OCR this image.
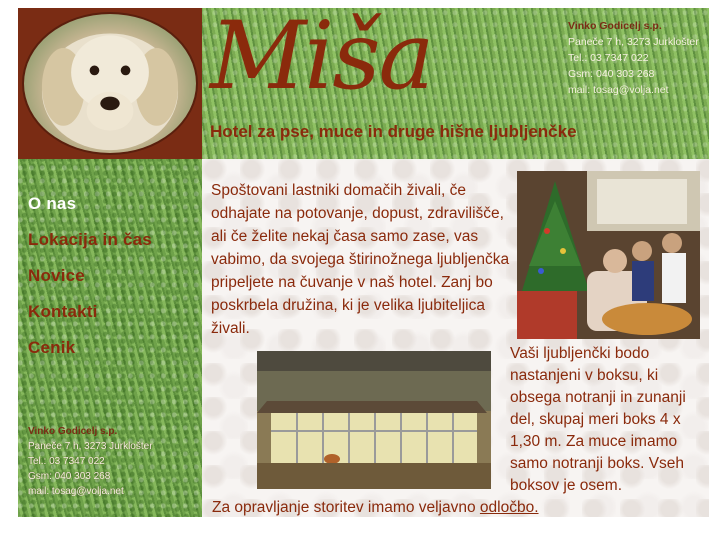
O nas
Lokacija in čas
Novice
Kontakti
Cenik
Vinko Godicelj s.p.
Paneče 7 h, 3273 Jurklošter
Tel.: 03 7347 022
Gsm: 040 303 268
mail: tosag@volja.net
Miša	Vinko Godicelj s.p.
Paneče 7 h, 3273 Jurklošter
Tel.: 03 7347 022
Gsm: 040 303 268
mail: tosag@volja.net
Hotel za pse, muce in druge hišne ljubljenčke

Spoštovani lastniki domačih živali, če odhajate na potovanje, dopust, zdravilišče, ali če želite nekaj časa samo zase, vas vabimo, da svojega štirinožnega ljubljenčka pripeljete na čuvanje v naš hotel. Zanj bo poskrbela družina, ki je velika ljubiteljica živali.

Vaši ljubljenčki bodo nastanjeni v boksu, ki obsega notranji in zunanji del, skupaj meri boks 4 x 1,30 m. Za muce imamo samo notranji boks. Vseh boksov je osem.

Za opravljanje storitev imamo veljavno odločbo.
